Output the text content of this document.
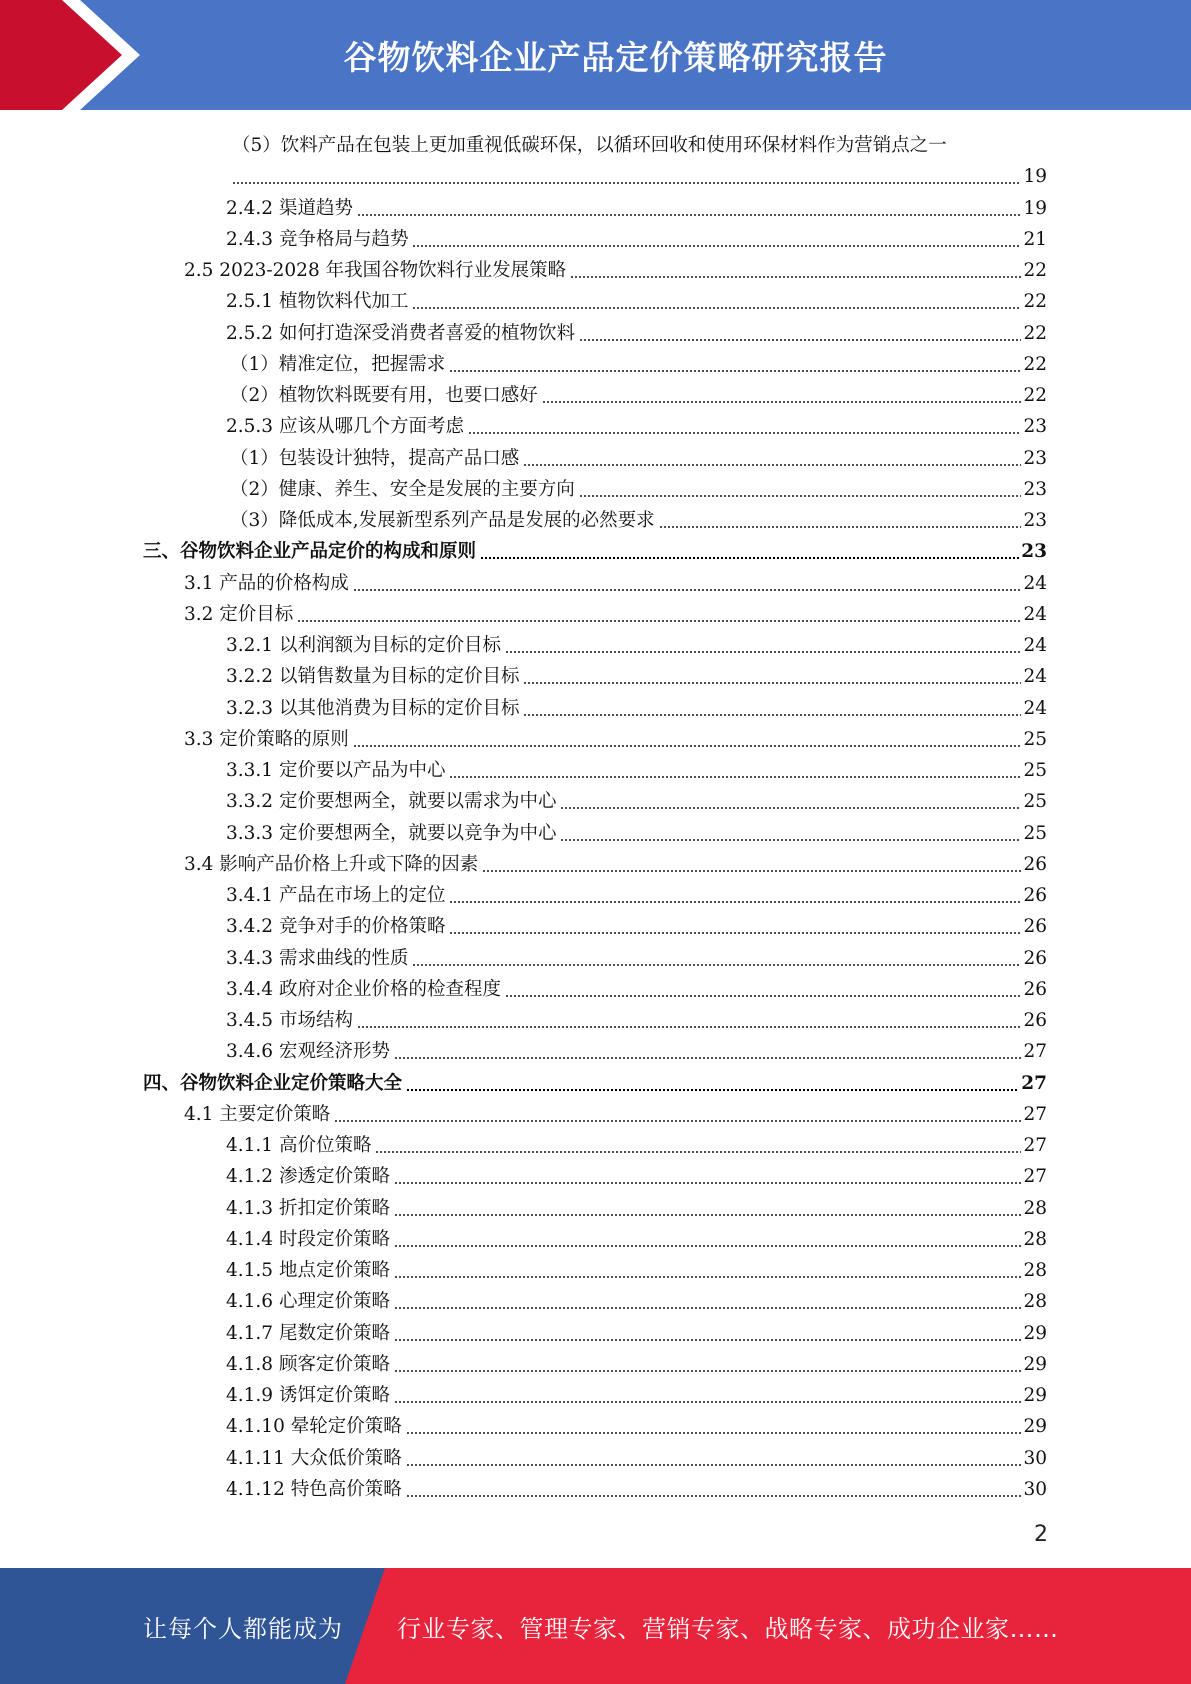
谷物饮料企业产品定价策略研究报告
（5）饮料产品在包装上更加重视低碳环保，以循环回收和使用环保材料作为营销点之一
19
2.4.2 渠道趋势	19
2.4.3 竞争格局与趋势	21
2.5 2023-2028 年我国谷物饮料行业发展策略	22
2.5.1 植物饮料代加工	22
2.5.2 如何打造深受消费者喜爱的植物饮料	22
（1）精准定位，把握需求	22
（2）植物饮料既要有用，也要口感好	22
2.5.3 应该从哪几个方面考虑	23
（1）包装设计独特，提高产品口感	23
（2）健康、养生、安全是发展的主要方向	23
（3）降低成本,发展新型系列产品是发展的必然要求	23
三、谷物饮料企业产品定价的构成和原则	23
3.1 产品的价格构成	24
3.2 定价目标	24
3.2.1 以利润额为目标的定价目标	24
3.2.2 以销售数量为目标的定价目标	24
3.2.3 以其他消费为目标的定价目标	24
3.3 定价策略的原则	25
3.3.1 定价要以产品为中心	25
3.3.2 定价要想两全，就要以需求为中心	25
3.3.3 定价要想两全，就要以竞争为中心	25
3.4 影响产品价格上升或下降的因素	26
3.4.1 产品在市场上的定位	26
3.4.2 竞争对手的价格策略	26
3.4.3 需求曲线的性质	26
3.4.4 政府对企业价格的检查程度	26
3.4.5 市场结构	26
3.4.6 宏观经济形势	27
四、谷物饮料企业定价策略大全	27
4.1 主要定价策略	27
4.1.1 高价位策略	27
4.1.2 渗透定价策略	27
4.1.3 折扣定价策略	28
4.1.4 时段定价策略	28
4.1.5 地点定价策略	28
4.1.6 心理定价策略	28
4.1.7 尾数定价策略	29
4.1.8 顾客定价策略	29
4.1.9 诱饵定价策略	29
4.1.10 晕轮定价策略	29
4.1.11 大众低价策略	30
4.1.12 特色高价策略	30
2
让每个人都能成为 行业专家、管理专家、营销专家、战略专家、成功企业家……
